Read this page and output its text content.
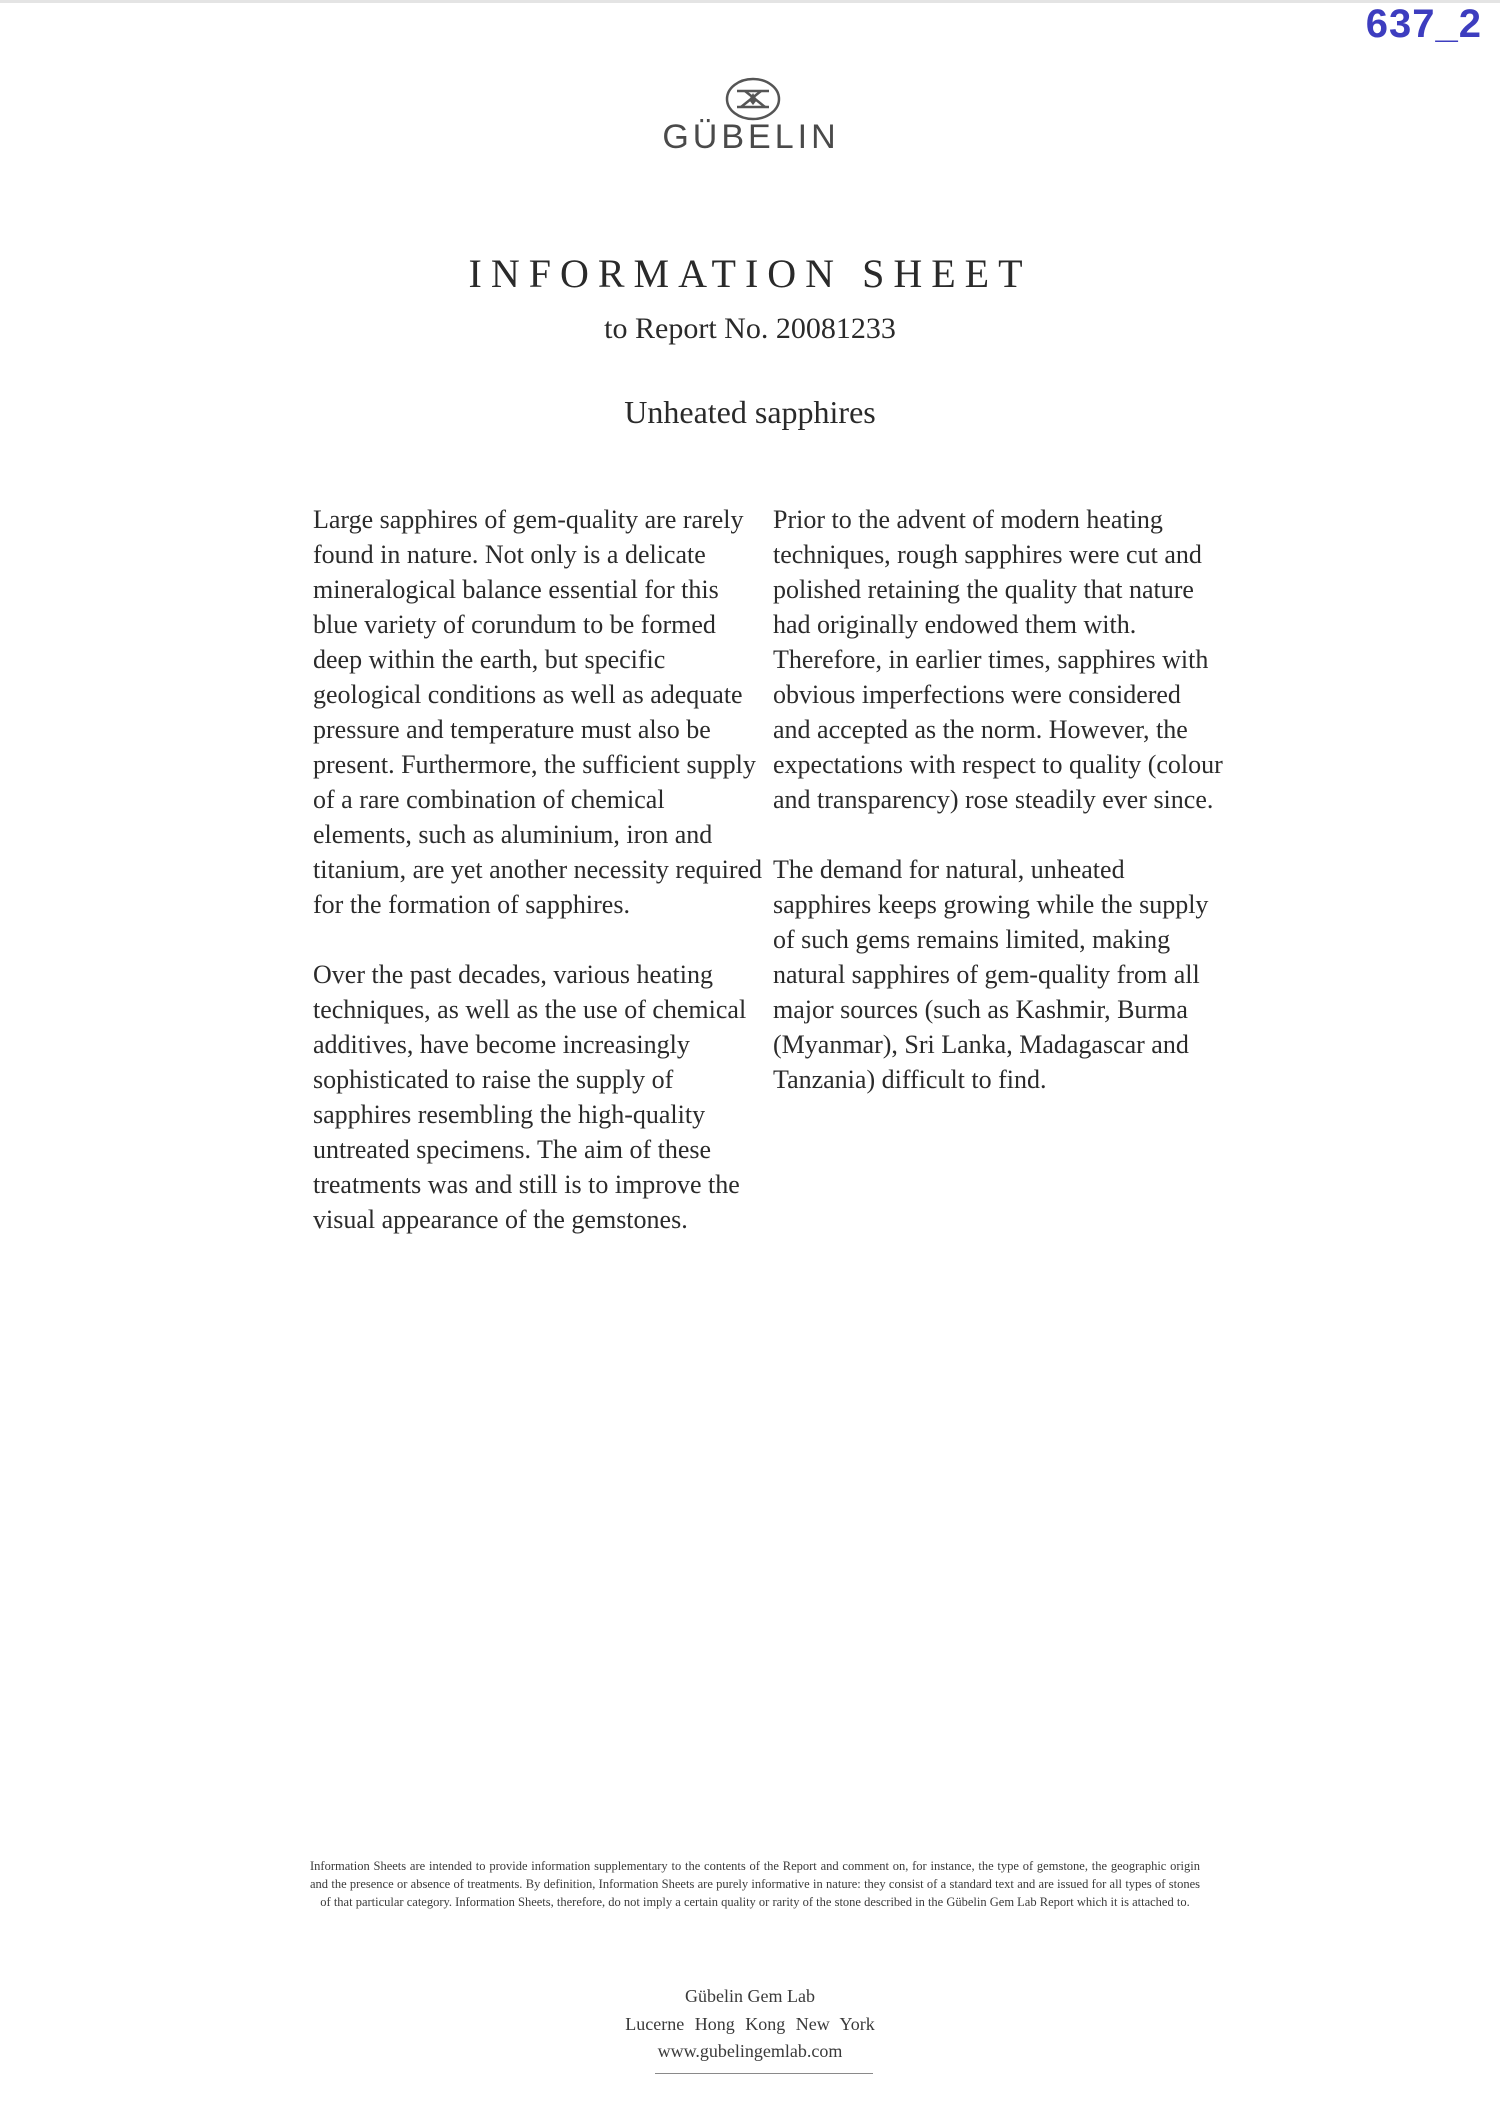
637_2
GÜBELIN
INFORMATION SHEET
to Report No. 20081233
Unheated sapphires

Large sapphires of gem-quality are rarely found in nature. Not only is a delicate mineralogical balance essential for this blue variety of corundum to be formed deep within the earth, but specific geological conditions as well as adequate pressure and temperature must also be present. Furthermore, the sufficient supply of a rare combination of chemical elements, such as aluminium, iron and titanium, are yet another necessity required for the formation of sapphires.

Over the past decades, various heating techniques, as well as the use of chemical additives, have become increasingly sophisticated to raise the supply of sapphires resembling the high-quality untreated specimens. The aim of these treatments was and still is to improve the visual appearance of the gemstones.

Prior to the advent of modern heating techniques, rough sapphires were cut and polished retaining the quality that nature had originally endowed them with. Therefore, in earlier times, sapphires with obvious imperfections were considered and accepted as the norm. However, the expectations with respect to quality (colour and transparency) rose steadily ever since.

The demand for natural, unheated sapphires keeps growing while the supply of such gems remains limited, making natural sapphires of gem-quality from all major sources (such as Kashmir, Burma (Myanmar), Sri Lanka, Madagascar and Tanzania) difficult to find.

Information Sheets are intended to provide information supplementary to the contents of the Report and comment on, for instance, the type of gemstone, the geographic origin and the presence or absence of treatments. By definition, Information Sheets are purely informative in nature: they consist of a standard text and are issued for all types of stones of that particular category. Information Sheets, therefore, do not imply a certain quality or rarity of the stone described in the Gübelin Gem Lab Report which it is attached to.
Gübelin Gem Lab
Lucerne Hong Kong New York
www.gubelingemlab.com
